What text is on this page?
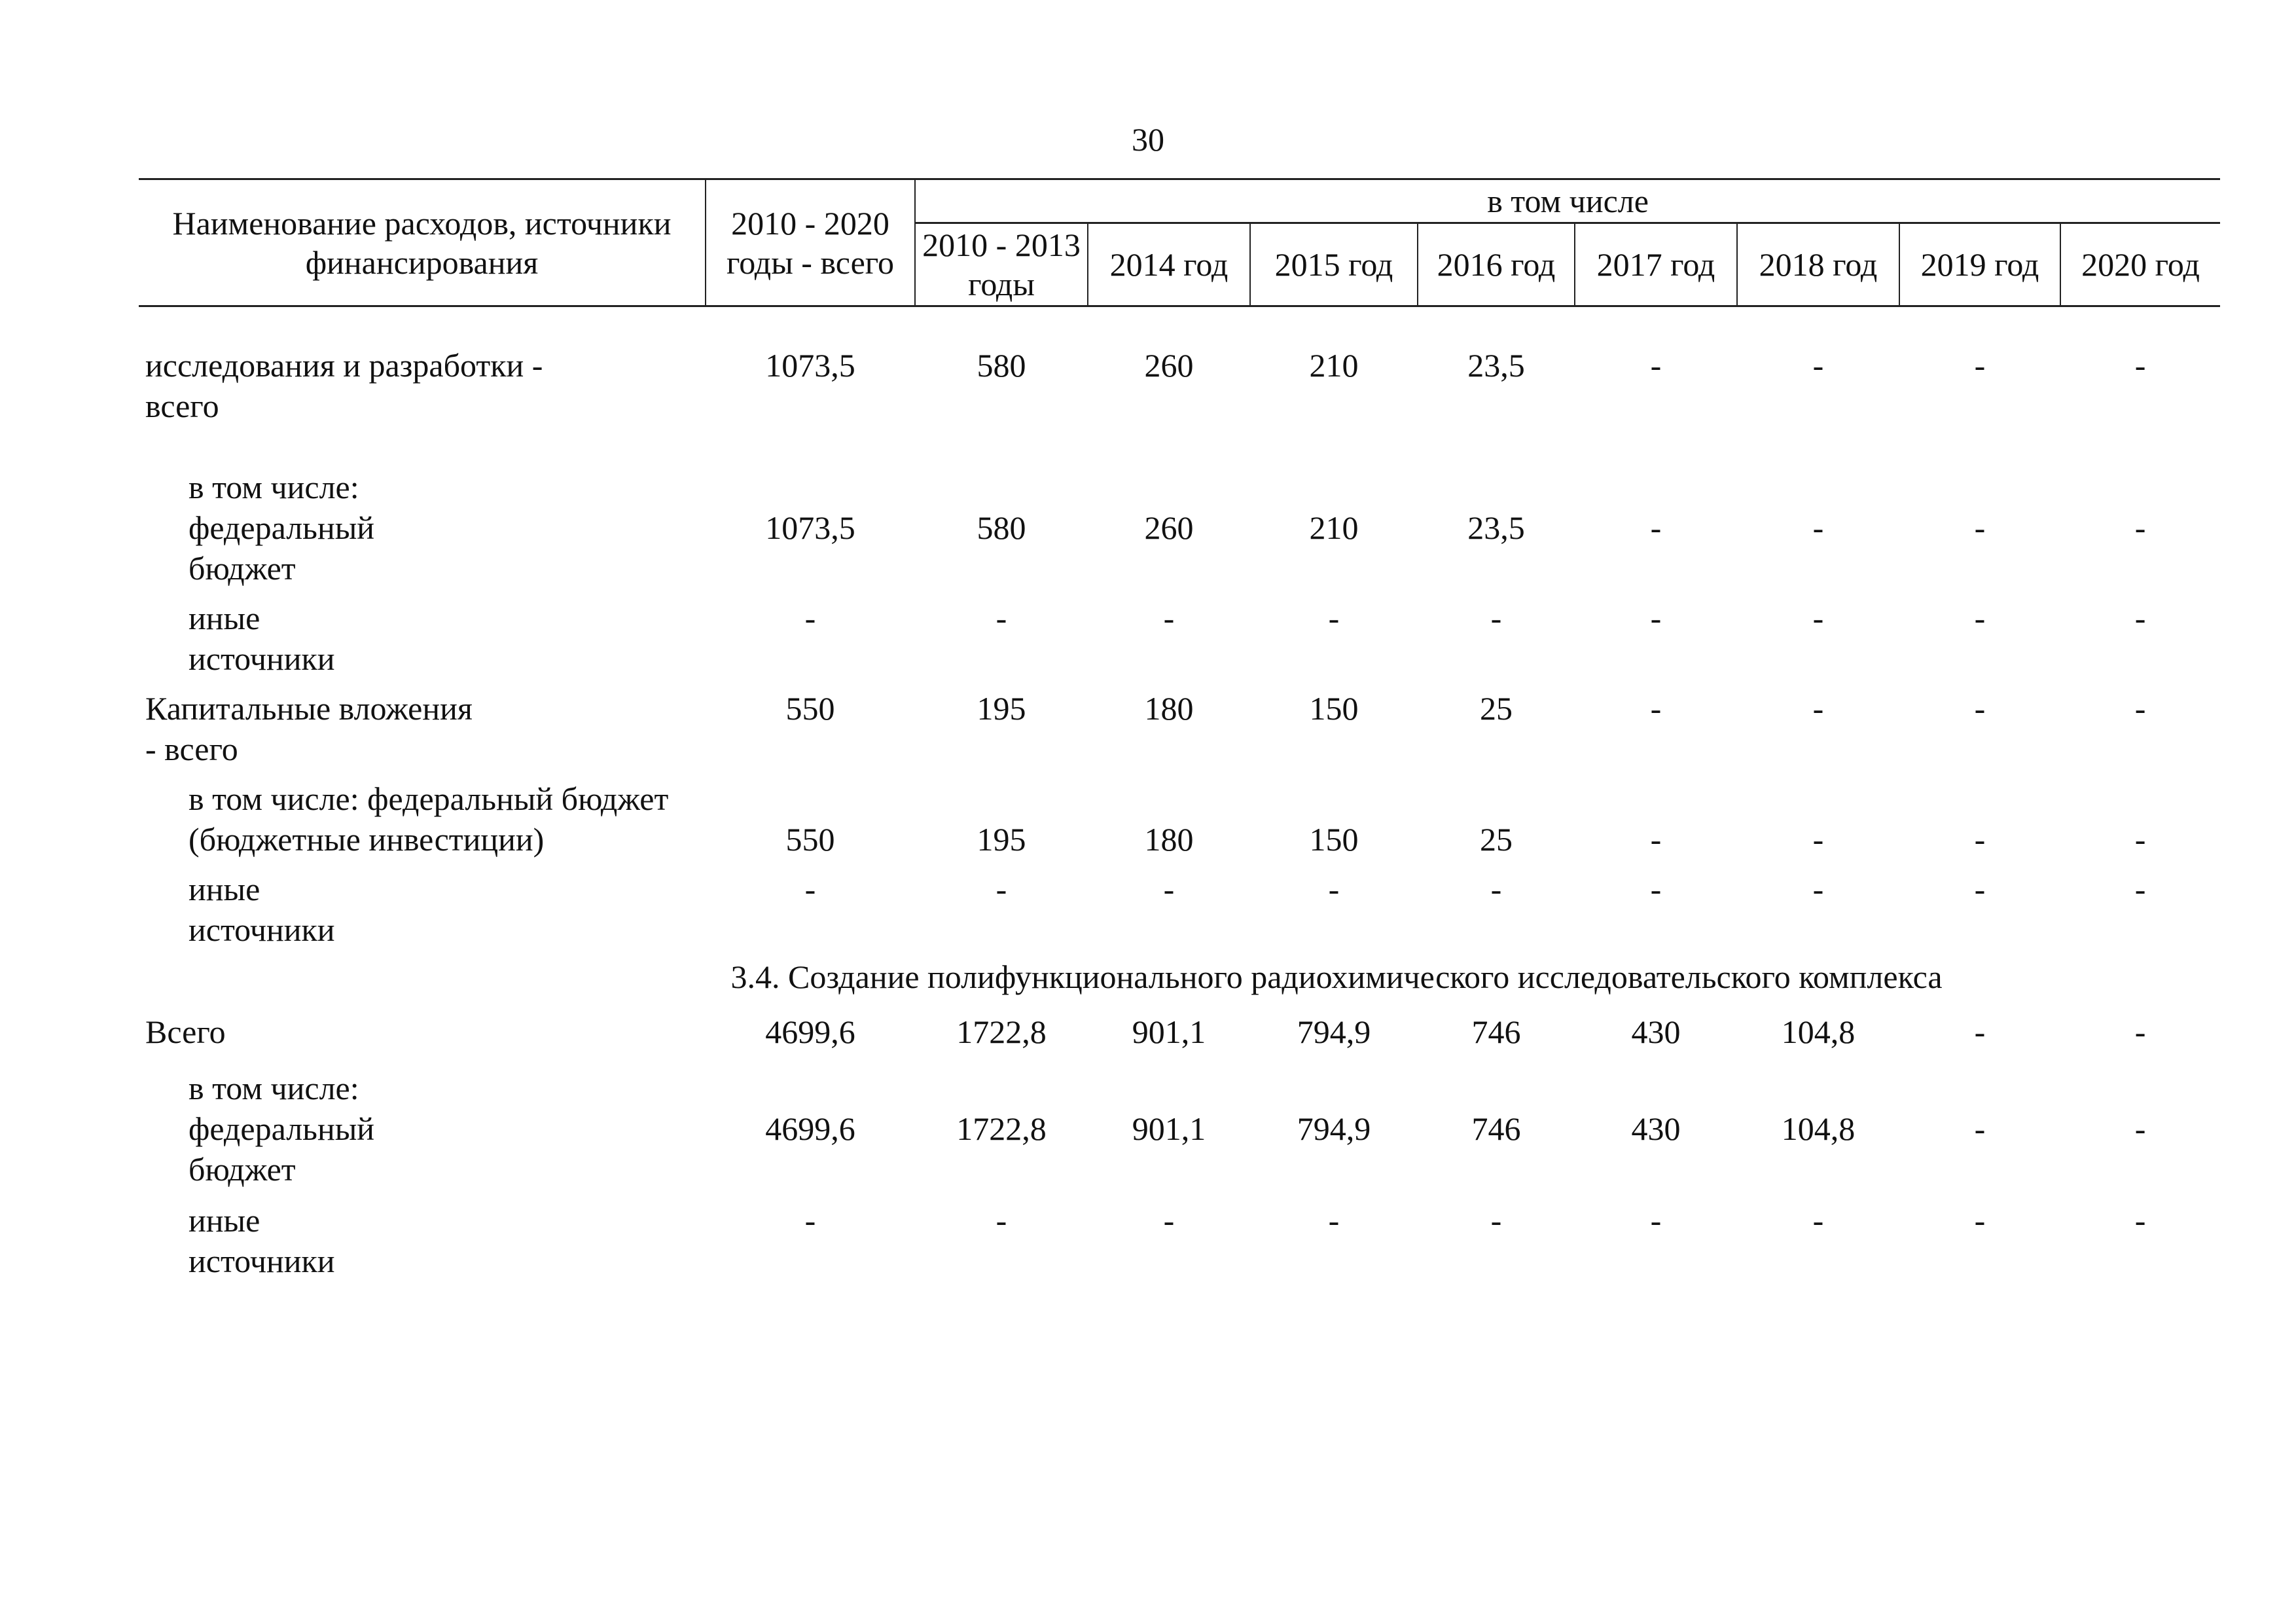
30
Наименование расходов, источники финансирования	2010 - 2020 годы - всего	в том числе							
		2010 - 2013 годы	2014 год	2015 год	2016 год	2017 год	2018 год	2019 год	2020 год
исследования и разработки - всего	1073,5	580	260	210	23,5	-	-	-	-
в том числе: федеральный бюджет	1073,5	580	260	210	23,5	-	-	-	-
иные источники	-	-	-	-	-	-	-	-	-
Капитальные вложения - всего	550	195	180	150	25	-	-	-	-
в том числе: федеральный бюджет (бюджетные инвестиции)	550	195	180	150	25	-	-	-	-
иные источники	-	-	-	-	-	-	-	-	-
3.4. Создание полифункционального радиохимического исследовательского комплекса									
Всего	4699,6	1722,8	901,1	794,9	746	430	104,8	-	-
в том числе: федеральный бюджет	4699,6	1722,8	901,1	794,9	746	430	104,8	-	-
иные источники	-	-	-	-	-	-	-	-	-
